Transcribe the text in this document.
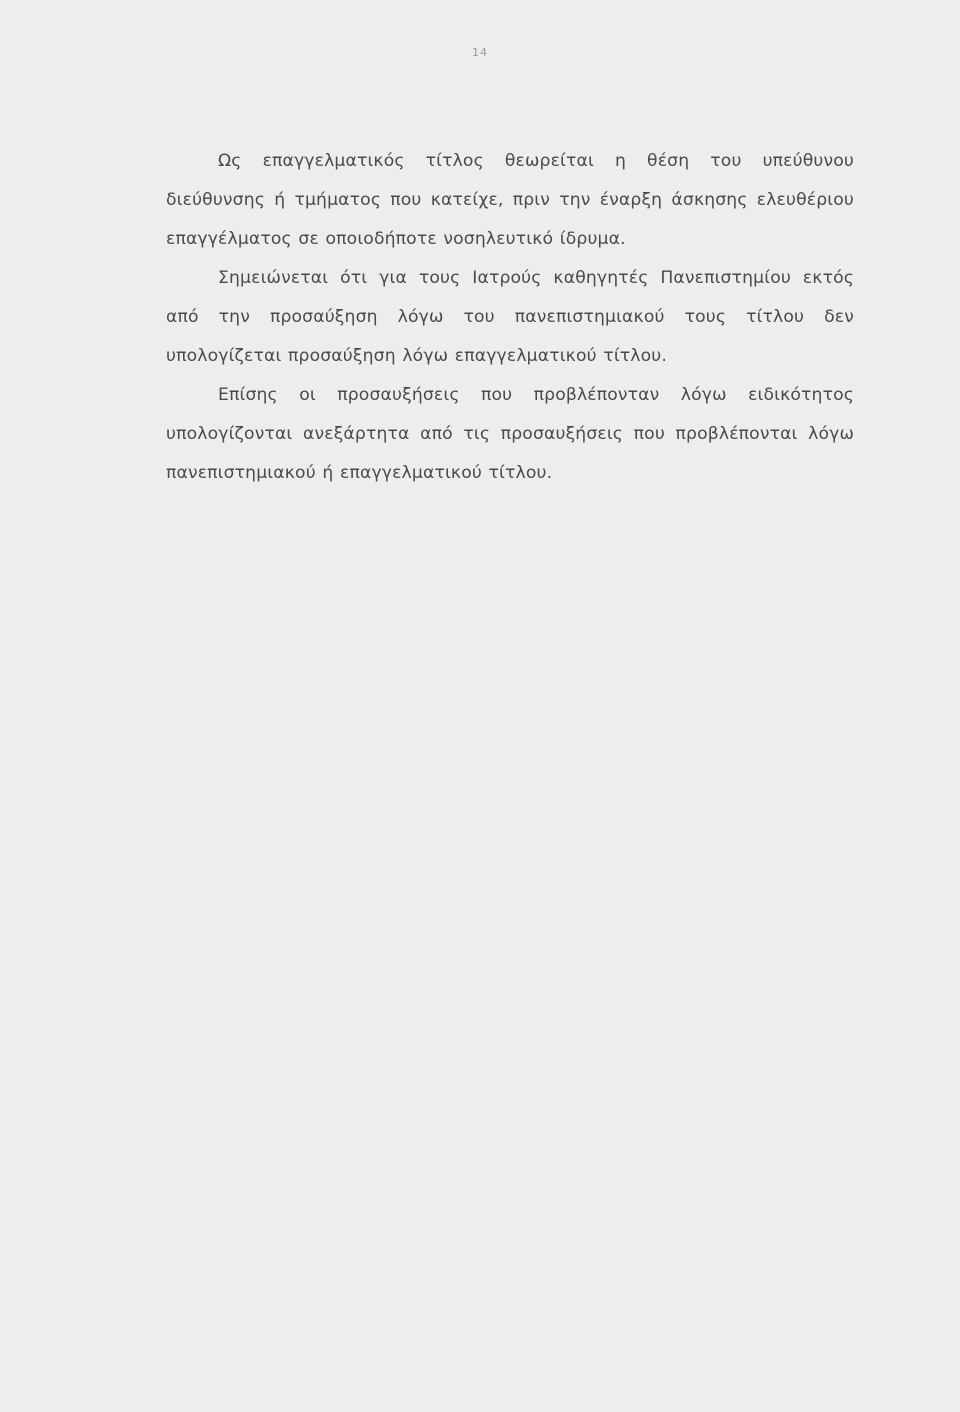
14

Ως επαγγελματικός τίτλος θεωρείται η θέση του υπεύθυνου διεύθυνσης ή τμήματος που κατείχε, πριν την έναρξη άσκησης ελευθέριου επαγγέλματος σε οποιοδήποτε νοσηλευτικό ίδρυμα.

Σημειώνεται ότι για τους Ιατρούς καθηγητές Πανεπιστημίου εκτός από την προσαύξηση λόγω του πανεπιστημιακού τους τίτλου δεν υπολογίζεται προσαύξηση λόγω επαγγελματικού τίτλου.

Επίσης οι προσαυξήσεις που προβλέπονταν λόγω ειδικότητος υπολογίζονται ανεξάρτητα από τις προσαυξήσεις που προβλέπονται λόγω πανεπιστημιακού ή επαγγελματικού τίτλου.
